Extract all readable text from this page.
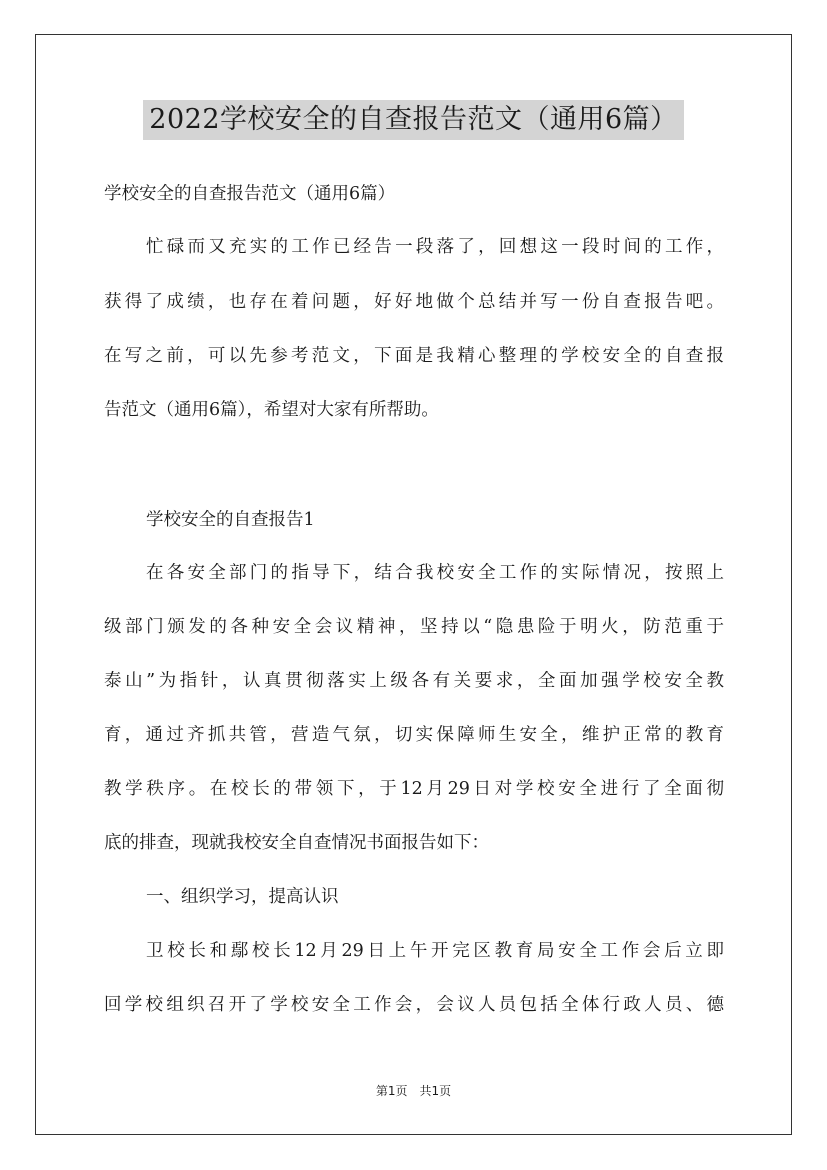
2022学校安全的自查报告范文（通用6篇）
学校安全的自查报告范文（通用6篇）
忙碌而又充实的工作已经告一段落了，回想这一段时间的工作，
获得了成绩，也存在着问题，好好地做个总结并写一份自查报告吧。
在写之前，可以先参考范文，下面是我精心整理的学校安全的自查报
告范文（通用6篇），希望对大家有所帮助。
学校安全的自查报告1
在各安全部门的指导下，结合我校安全工作的实际情况，按照上
级部门颁发的各种安全会议精神，坚持以“隐患险于明火，防范重于
泰山”为指针，认真贯彻落实上级各有关要求，全面加强学校安全教
育，通过齐抓共管，营造气氛，切实保障师生安全，维护正常的教育
教学秩序。在校长的带领下，于12月29日对学校安全进行了全面彻
底的排查，现就我校安全自查情况书面报告如下：
一、组织学习，提高认识
卫校长和鄢校长12月29日上午开完区教育局安全工作会后立即
回学校组织召开了学校安全工作会，会议人员包括全体行政人员、德
第1页　共1页
